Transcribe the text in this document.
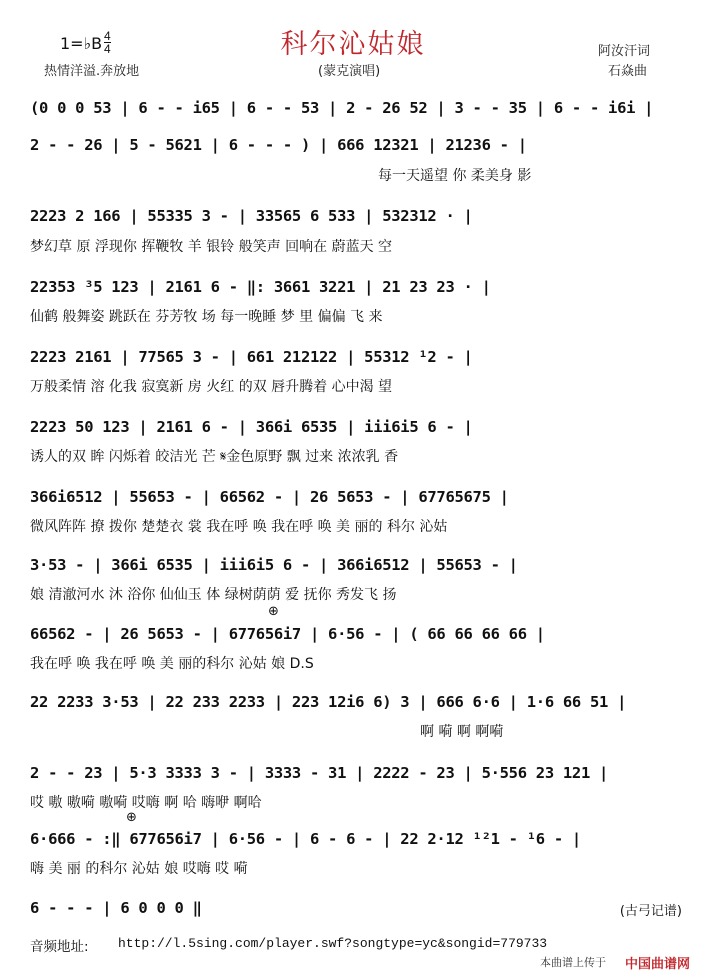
科尔沁姑娘
1=♭B 4
4
热情洋溢.奔放地	(蒙克演唱)
阿汝汗词
石焱曲
(0 0 0 53 | 6 - - i65 | 6 - - 53 | 2 - 26 52 | 3 - - 35 | 6 - - i6i |
2 - - 26 | 5 - 5621 | 6 - - - ) | 666 12321 | 21236 - |
每一天遥望 你 柔美身 影
2223 2 166 | 55335 3 - | 33565 6 533 | 532312 · |
梦幻草 原 浮现你 挥鞭牧 羊 银铃 般笑声 回响在 蔚蓝天 空
22353 ³5 123 | 2161 6 - ‖: 3661 3221 | 21 23 23 · |
仙鹤 般舞姿 跳跃在 芬芳牧 场 每一晚睡 梦 里 偏偏 飞 来
2223 2161 | 77565 3 - | 661 212122 | 55312 ¹2 - |
万般柔情 溶 化我 寂寞新 房 火红 的双 唇升腾着 心中渴 望
2223 50 123 | 2161 6 - | 366i 6535 | iii6i5 6 - |
诱人的双 眸 闪烁着 皎洁光 芒 𝄋金色原野 飘 过来 浓浓乳 香
366i6512 | 55653 - | 66562 - | 26 5653 - | 67765675 |
微风阵阵 撩 拨你 楚楚衣 裳 我在呼 唤 我在呼 唤 美 丽的 科尔 沁姑
3·53 - | 366i 6535 | iii6i5 6 - | 366i6512 | 55653 - |
娘 清澈河水 沐 浴你 仙仙玉 体 绿树荫荫 爱 抚你 秀发飞 扬
⊕
66562 - | 26 5653 - | 677656i7 | 6·56 - | ( 66 66 66 66 |
我在呼 唤 我在呼 唤 美 丽的科尔 沁姑 娘 D.S
22 2233 3·53 | 22 233 2233 | 223 12i6 6) 3 | 666 6·6 | 1·6 66 51 |
啊 嗬 啊 啊嗬
2 - - 23 | 5·3 3333 3 - | 3333 - 31 | 2222 - 23 | 5·556 23 121 |
哎 嗷 嗷嗬 嗷嗬 哎嗨 啊 哈 嗨咿 啊哈
⊕
6·666 - :‖ 677656i7 | 6·56 - | 6 - 6 - | 22 2·12 ¹²1 - ¹6 - |
嗨 美 丽 的科尔 沁姑 娘 哎嗨 哎 嗬
6 - - - | 6 0 0 0 ‖	(古弓记谱)
音频地址: http://l.5sing.com/player.swf?songtype=yc&songid=779733
本曲谱上传于 中国曲谱网
